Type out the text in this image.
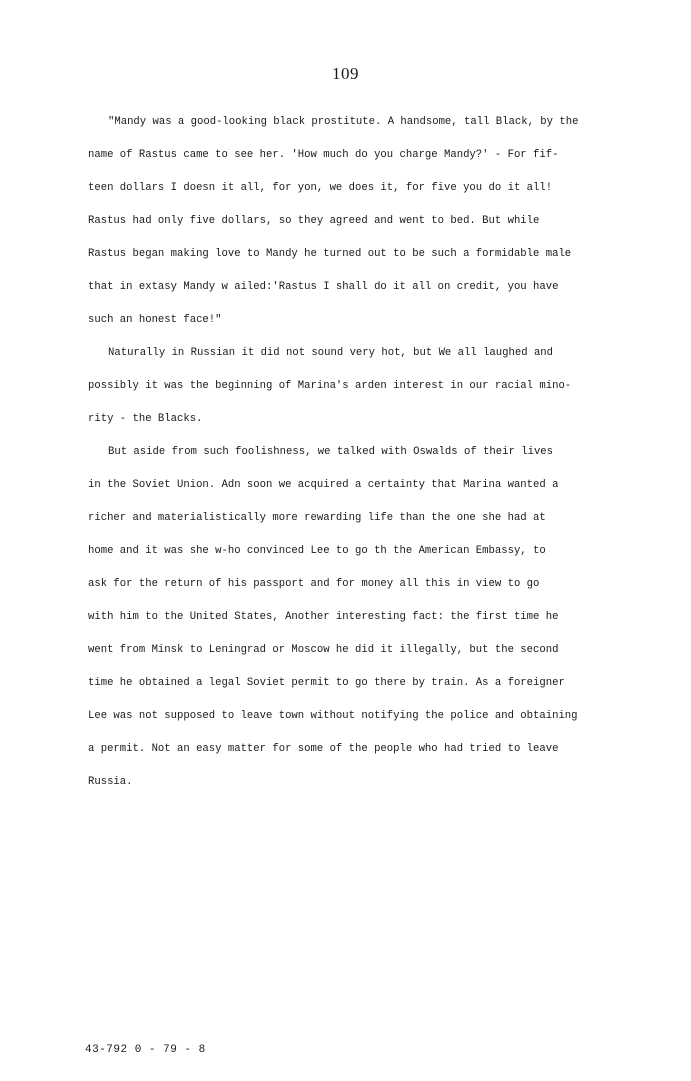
109
"Mandy was a good-looking black prostitute. A handsome, tall Black, by the
name of Rastus came to see her. 'How much do you charge Mandy?' - For fif-
teen dollars I doesn it all, for yon, we does it, for five you do it all!
Rastus had only five dollars, so they agreed and went to bed. But while
Rastus began making love to Mandy he turned out to be such a formidable male
that in extasy Mandy w ailed:'Rastus I shall do it all on credit, you have
such an honest face!"
Naturally in Russian it did not sound very hot, but We all laughed and
possibly it was the beginning of Marina's arden interest in our racial mino-
rity - the Blacks.
But aside from such foolishness, we talked with Oswalds of their lives
in the Soviet Union. Adn soon we acquired a certainty that Marina wanted a
richer and materialistically more rewarding life than the one she had at
home and it was she w-ho convinced Lee to go th the American Embassy, to
ask for the return of his passport and for money all this in view to go
with him to the United States, Another interesting fact: the first time he
went from Minsk to Leningrad or Moscow he did it illegally, but the second
time he obtained a legal Soviet permit to go there by train. As a foreigner
Lee was not supposed to leave town without notifying the police and obtaining
a permit. Not an easy matter for some of the people who had tried to leave
Russia.
43-792 0 - 79 - 8
